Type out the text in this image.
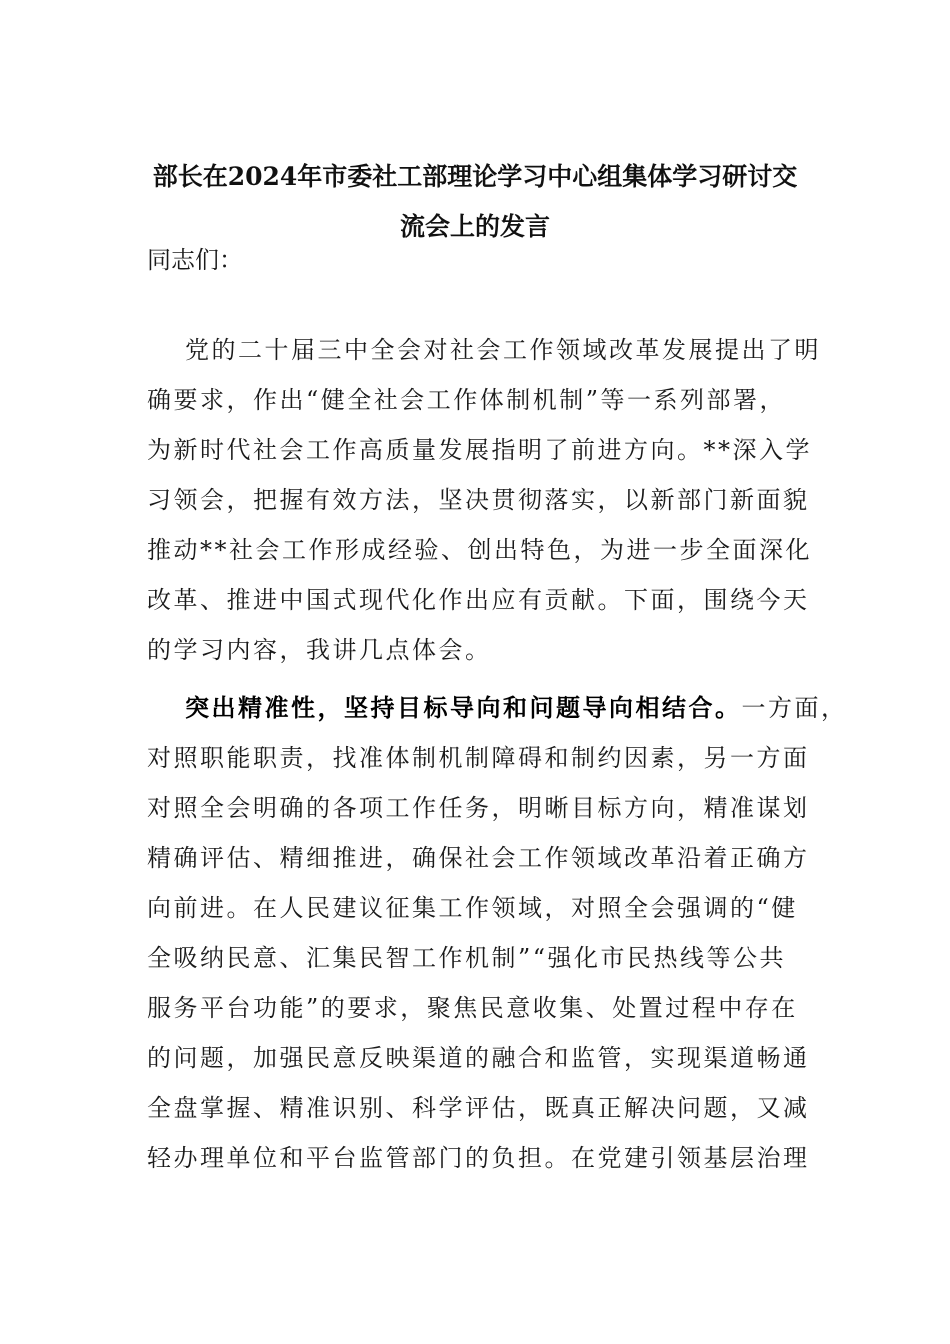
部长在2024年市委社工部理论学习中心组集体学习研讨交
流会上的发言

同志们：

党的二十届三中全会对社会工作领域改革发展提出了明
确要求，作出“健全社会工作体制机制”等一系列部署，
为新时代社会工作高质量发展指明了前进方向。**深入学
习领会，把握有效方法，坚决贯彻落实，以新部门新面貌
推动**社会工作形成经验、创出特色，为进一步全面深化
改革、推进中国式现代化作出应有贡献。下面，围绕今天
的学习内容，我讲几点体会。
突出精准性，坚持目标导向和问题导向相结合。一方面，
对照职能职责，找准体制机制障碍和制约因素，另一方面
对照全会明确的各项工作任务，明晰目标方向，精准谋划
精确评估、精细推进，确保社会工作领域改革沿着正确方
向前进。在人民建议征集工作领域，对照全会强调的“健
全吸纳民意、汇集民智工作机制”“强化市民热线等公共
服务平台功能”的要求，聚焦民意收集、处置过程中存在
的问题，加强民意反映渠道的融合和监管，实现渠道畅通
全盘掌握、精准识别、科学评估，既真正解决问题，又减
轻办理单位和平台监管部门的负担。在党建引领基层治理
